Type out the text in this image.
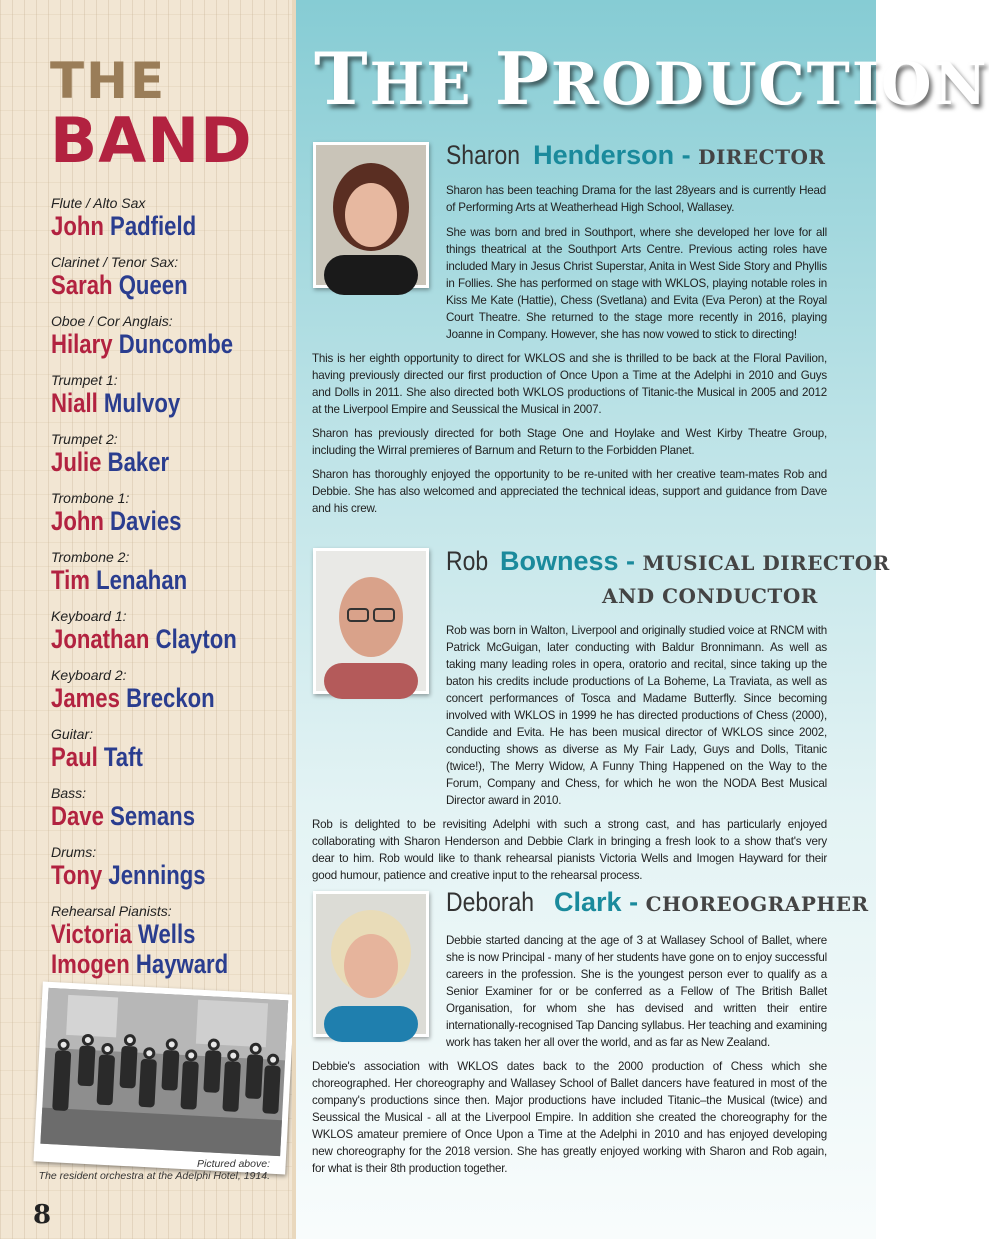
THE
BAND
Flute / Alto Sax
John Padfield
Clarinet / Tenor Sax:
Sarah Queen
Oboe / Cor Anglais:
Hilary Duncombe
Trumpet 1:
Niall Mulvoy
Trumpet 2:
Julie Baker
Trombone 1:
John Davies
Trombone 2:
Tim Lenahan
Keyboard 1:
Jonathan Clayton
Keyboard 2:
James Breckon
Guitar:
Paul Taft
Bass:
Dave Semans
Drums:
Tony Jennings
Rehearsal Pianists:
Victoria Wells
Imogen Hayward
Pictured above:
The resident orchestra at the Adelphi Hotel, 1914.
8
THE PRODUCTION
Sharon Henderson - DIRECTOR

Sharon has been teaching Drama for the last 28years and is currently Head of Performing Arts at Weatherhead High School, Wallasey.

She was born and bred in Southport, where she developed her love for all things theatrical at the Southport Arts Centre. Previous acting roles have included Mary in Jesus Christ Superstar, Anita in West Side Story and Phyllis in Follies. She has performed on stage with WKLOS, playing notable roles in Kiss Me Kate (Hattie), Chess (Svetlana) and Evita (Eva Peron) at the Royal Court Theatre. She returned to the stage more recently in 2016, playing Joanne in Company. However, she has now vowed to stick to directing!

This is her eighth opportunity to direct for WKLOS and she is thrilled to be back at the Floral Pavilion, having previously directed our first production of Once Upon a Time at the Adelphi in 2010 and Guys and Dolls in 2011. She also directed both WKLOS productions of Titanic-the Musical in 2005 and 2012 at the Liverpool Empire and Seussical the Musical in 2007.

Sharon has previously directed for both Stage One and Hoylake and West Kirby Theatre Group, including the Wirral premieres of Barnum and Return to the Forbidden Planet.

Sharon has thoroughly enjoyed the opportunity to be re-united with her creative team-mates Rob and Debbie. She has also welcomed and appreciated the technical ideas, support and guidance from Dave and his crew.

Rob Bowness - MUSICAL DIRECTOR
AND CONDUCTOR

Rob was born in Walton, Liverpool and originally studied voice at RNCM with Patrick McGuigan, later conducting with Baldur Bronnimann. As well as taking many leading roles in opera, oratorio and recital, since taking up the baton his credits include productions of La Boheme, La Traviata, as well as concert performances of Tosca and Madame Butterfly. Since becoming involved with WKLOS in 1999 he has directed productions of Chess (2000), Candide and Evita. He has been musical director of WKLOS since 2002, conducting shows as diverse as My Fair Lady, Guys and Dolls, Titanic (twice!), The Merry Widow, A Funny Thing Happened on the Way to the Forum, Company and Chess, for which he won the NODA Best Musical Director award in 2010.

Rob is delighted to be revisiting Adelphi with such a strong cast, and has particularly enjoyed collaborating with Sharon Henderson and Debbie Clark in bringing a fresh look to a show that's very dear to him. Rob would like to thank rehearsal pianists Victoria Wells and Imogen Hayward for their good humour, patience and creative input to the rehearsal process.

Deborah Clark - CHOREOGRAPHER

Debbie started dancing at the age of 3 at Wallasey School of Ballet, where she is now Principal - many of her students have gone on to enjoy successful careers in the profession. She is the youngest person ever to qualify as a Senior Examiner for or be conferred as a Fellow of The British Ballet Organisation, for whom she has devised and written their entire internationally-recognised Tap Dancing syllabus. Her teaching and examining work has taken her all over the world, and as far as New Zealand.

Debbie's association with WKLOS dates back to the 2000 production of Chess which she choreographed. Her choreography and Wallasey School of Ballet dancers have featured in most of the company's productions since then. Major productions have included Titanic–the Musical (twice) and Seussical the Musical - all at the Liverpool Empire. In addition she created the choreography for the WKLOS amateur premiere of Once Upon a Time at the Adelphi in 2010 and has enjoyed developing new choreography for the 2018 version. She has greatly enjoyed working with Sharon and Rob again, for what is their 8th production together.
